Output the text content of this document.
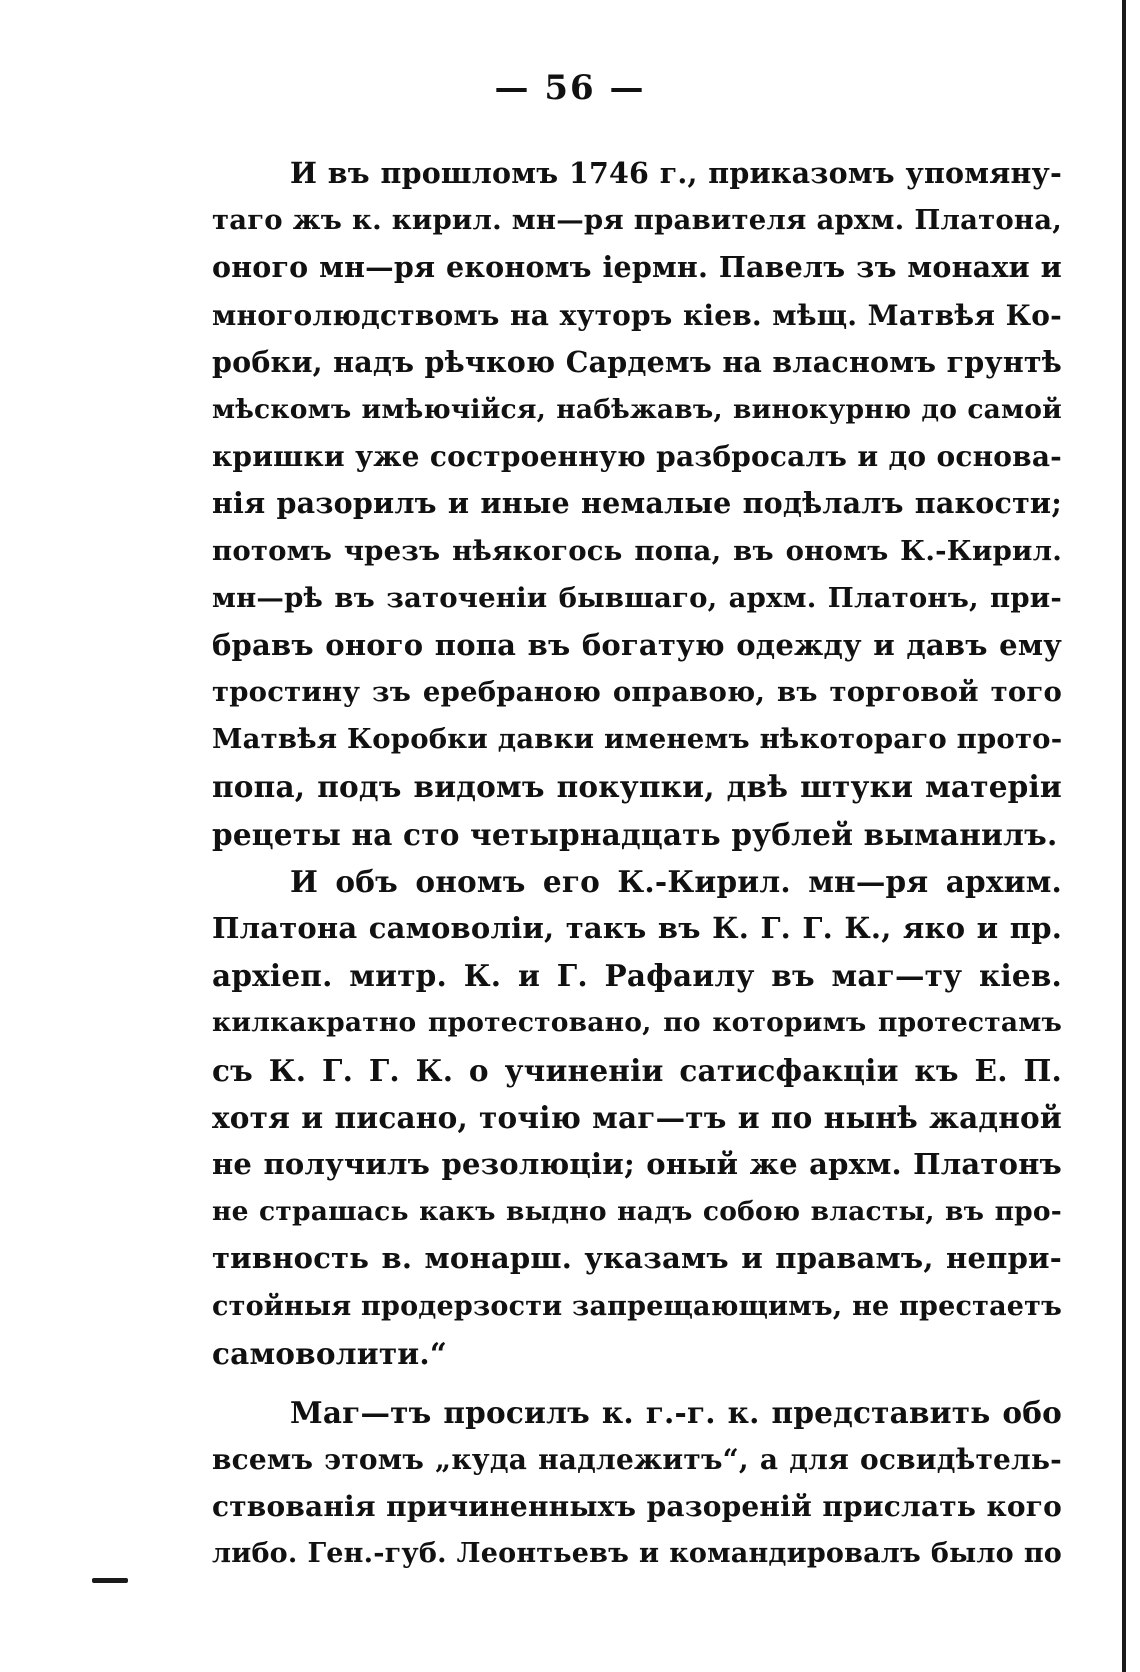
— 56 —
И въ прошломъ 1746 г., приказомъ упомяну-
таго жъ к. кирил. мн—ря правителя архм. Платона,
оного мн—ря економъ іермн. Павелъ зъ монахи и
многолюдствомъ на хуторъ кіев. мѣщ. Матвѣя Ко-
робки, надъ рѣчкою Сардемъ на власномъ грунтѣ
мѣскомъ имѣючійся, набѣжавъ, винокурню до самой
кришки уже состроенную разбросалъ и до основа-
нія разорилъ и иные немалые подѣлалъ пакости;
потомъ чрезъ нѣякогось попа, въ ономъ К.-Кирил.
мн—рѣ въ заточеніи бывшаго, архм. Платонъ, при-
бравъ оного попа въ богатую одежду и давъ ему
тростину зъ еребраною оправою, въ торговой того
Матвѣя Коробки давки именемъ нѣкотораго прото-
попа, подъ видомъ покупки, двѣ штуки матеріи
рецеты на сто четырнадцать рублей выманилъ.
И объ ономъ его К.-Кирил. мн—ря архим.
Платона самоволіи, такъ въ К. Г. Г. К., яко и пр.
архіеп. митр. К. и Г. Рафаилу въ маг—ту кіев.
килкакратно протестовано, по которимъ протестамъ
съ К. Г. Г. К. о учиненіи сатисфакціи къ Е. П.
хотя и писано, точію маг—тъ и по нынѣ жадной
не получилъ резолюціи; оный же архм. Платонъ
не страшась какъ выдно надъ собою власты, въ про-
тивность в. монарш. указамъ и правамъ, непри-
стойныя продерзости запрещающимъ, не престаетъ
самоволити.“
Маг—тъ просилъ к. г.-г. к. представить обо
всемъ этомъ „куда надлежитъ“, а для освидѣтель-
ствованія причиненныхъ разореній прислать кого
либо. Ген.-губ. Леонтьевъ и командировалъ было по
